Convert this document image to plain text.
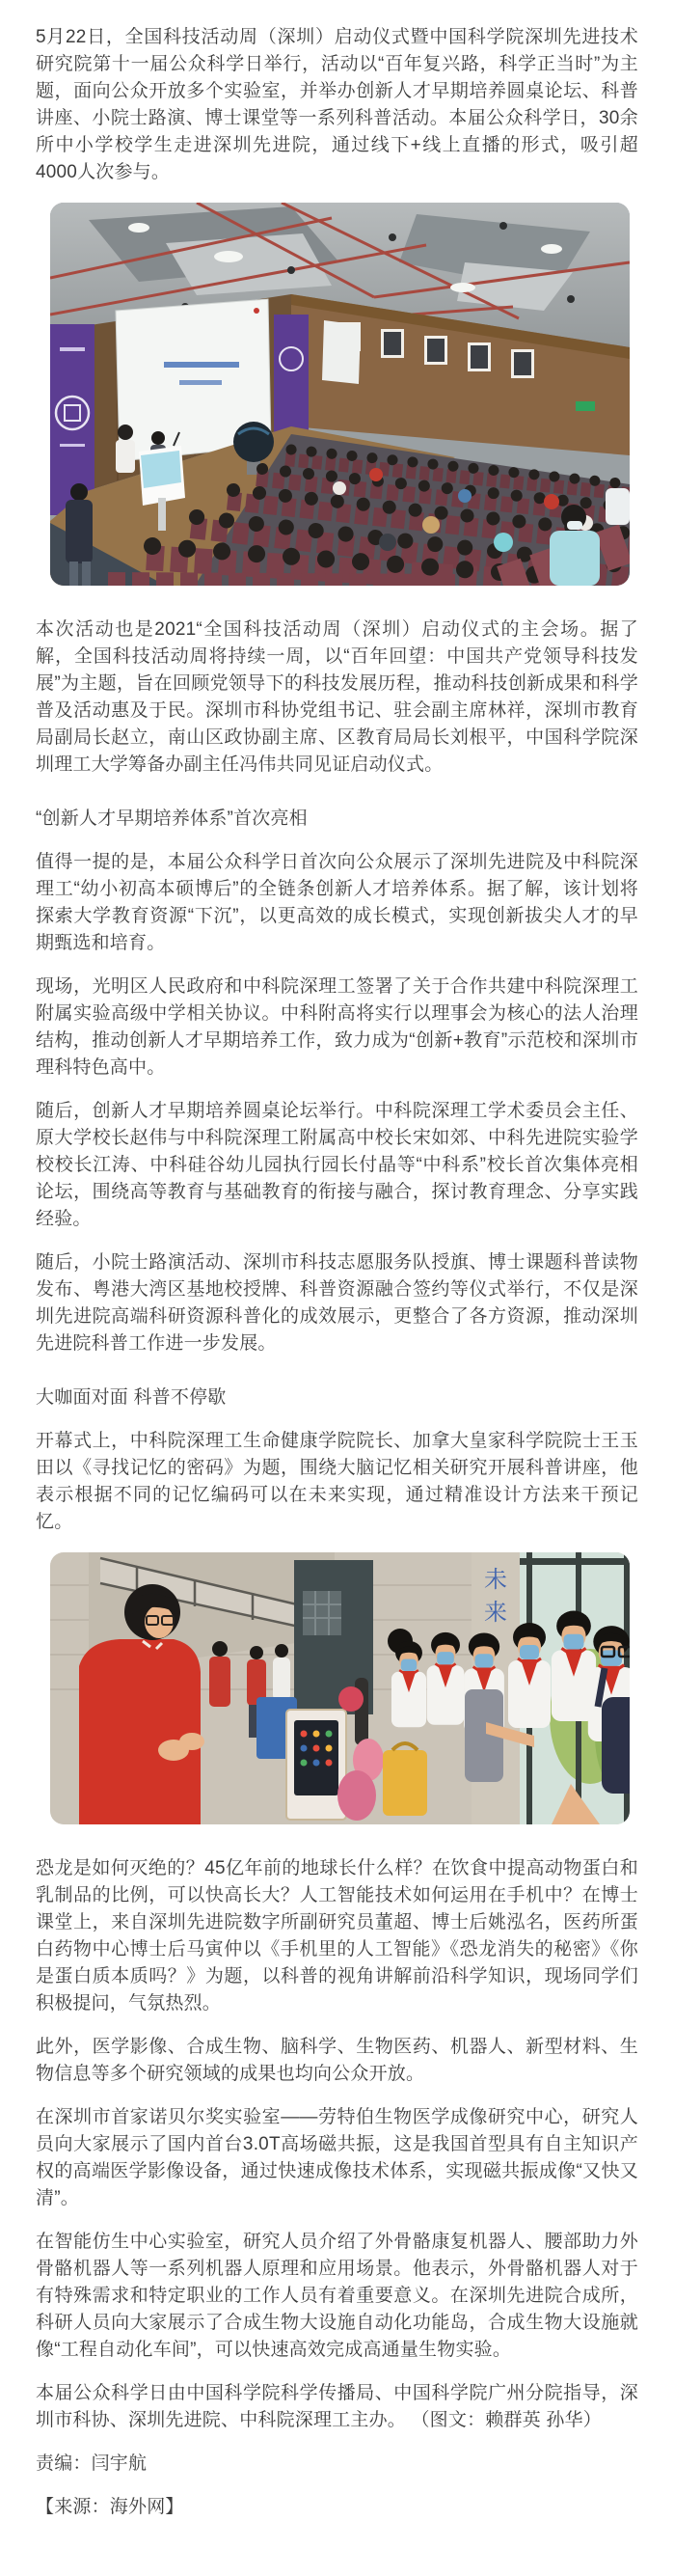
5月22日，全国科技活动周（深圳）启动仪式暨中国科学院深圳先进技术研究院第十一届公众科学日举行，活动以“百年复兴路，科学正当时”为主题，面向公众开放多个实验室，并举办创新人才早期培养圆桌论坛、科普讲座、小院士路演、博士课堂等一系列科普活动。本届公众科学日，30余所中小学校学生走进深圳先进院，通过线下+线上直播的形式，吸引超4000人次参与。

本次活动也是2021“全国科技活动周（深圳）启动仪式的主会场。据了解，全国科技活动周将持续一周，以“百年回望：中国共产党领导科技发展”为主题，旨在回顾党领导下的科技发展历程，推动科技创新成果和科学普及活动惠及于民。深圳市科协党组书记、驻会副主席林祥，深圳市教育局副局长赵立，南山区政协副主席、区教育局局长刘根平，中国科学院深圳理工大学筹备办副主任冯伟共同见证启动仪式。

“创新人才早期培养体系”首次亮相

值得一提的是，本届公众科学日首次向公众展示了深圳先进院及中科院深理工“幼小初高本硕博后”的全链条创新人才培养体系。据了解，该计划将探索大学教育资源“下沉”，以更高效的成长模式，实现创新拔尖人才的早期甄选和培育。

现场，光明区人民政府和中科院深理工签署了关于合作共建中科院深理工附属实验高级中学相关协议。中科附高将实行以理事会为核心的法人治理结构，推动创新人才早期培养工作，致力成为“创新+教育”示范校和深圳市理科特色高中。

随后，创新人才早期培养圆桌论坛举行。中科院深理工学术委员会主任、原大学校长赵伟与中科院深理工附属高中校长宋如郊、中科先进院实验学校校长江涛、中科硅谷幼儿园执行园长付晶等“中科系”校长首次集体亮相论坛，围绕高等教育与基础教育的衔接与融合，探讨教育理念、分享实践经验。

随后，小院士路演活动、深圳市科技志愿服务队授旗、博士课题科普读物发布、粤港大湾区基地校授牌、科普资源融合签约等仪式举行，不仅是深圳先进院高端科研资源科普化的成效展示，更整合了各方资源，推动深圳先进院科普工作进一步发展。

大咖面对面 科普不停歇

开幕式上，中科院深理工生命健康学院院长、加拿大皇家科学院院士王玉田以《寻找记忆的密码》为题，围绕大脑记忆相关研究开展科普讲座，他表示根据不同的记忆编码可以在未来实现，通过精准设计方法来干预记忆。

未
来

恐龙是如何灭绝的？45亿年前的地球长什么样？在饮食中提高动物蛋白和乳制品的比例，可以快高长大？人工智能技术如何运用在手机中？在博士课堂上，来自深圳先进院数字所副研究员董超、博士后姚泓名，医药所蛋白药物中心博士后马寅仲以《手机里的人工智能》《恐龙消失的秘密》《你是蛋白质本质吗？》为题，以科普的视角讲解前沿科学知识，现场同学们积极提问，气氛热烈。

此外，医学影像、合成生物、脑科学、生物医药、机器人、新型材料、生物信息等多个研究领域的成果也均向公众开放。

在深圳市首家诺贝尔奖实验室——劳特伯生物医学成像研究中心，研究人员向大家展示了国内首台3.0T高场磁共振，这是我国首型具有自主知识产权的高端医学影像设备，通过快速成像技术体系，实现磁共振成像“又快又清”。

在智能仿生中心实验室，研究人员介绍了外骨骼康复机器人、腰部助力外骨骼机器人等一系列机器人原理和应用场景。他表示，外骨骼机器人对于有特殊需求和特定职业的工作人员有着重要意义。在深圳先进院合成所，科研人员向大家展示了合成生物大设施自动化功能岛，合成生物大设施就像“工程自动化车间”，可以快速高效完成高通量生物实验。

本届公众科学日由中国科学院科学传播局、中国科学院广州分院指导，深圳市科协、深圳先进院、中科院深理工主办。 （图文：赖群英 孙华）

责编：闫宇航

【来源：海外网】
